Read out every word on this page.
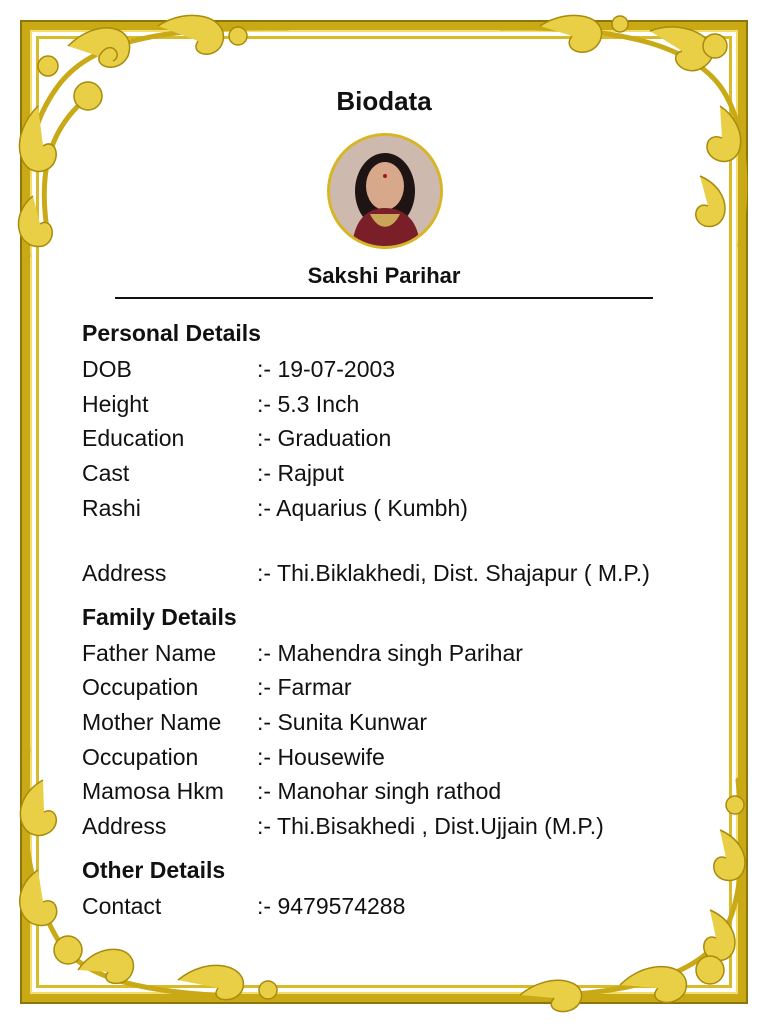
Biodata
Sakshi Parihar
Personal Details
DOB	:- 19-07-2003
Height	:- 5.3 Inch
Education	:- Graduation
Cast	:- Rajput
Rashi	:- Aquarius ( Kumbh)
Address	:- Thi.Biklakhedi, Dist. Shajapur ( M.P.)
Family Details
Father Name :- Mahendra singh Parihar
Occupation	:- Farmar
Mother Name :- Sunita Kunwar
Occupation	:- Housewife
Mamosa Hkm :- Manohar singh rathod
Address	:- Thi.Bisakhedi , Dist.Ujjain (M.P.)
Other Details
Contact	:- 9479574288
